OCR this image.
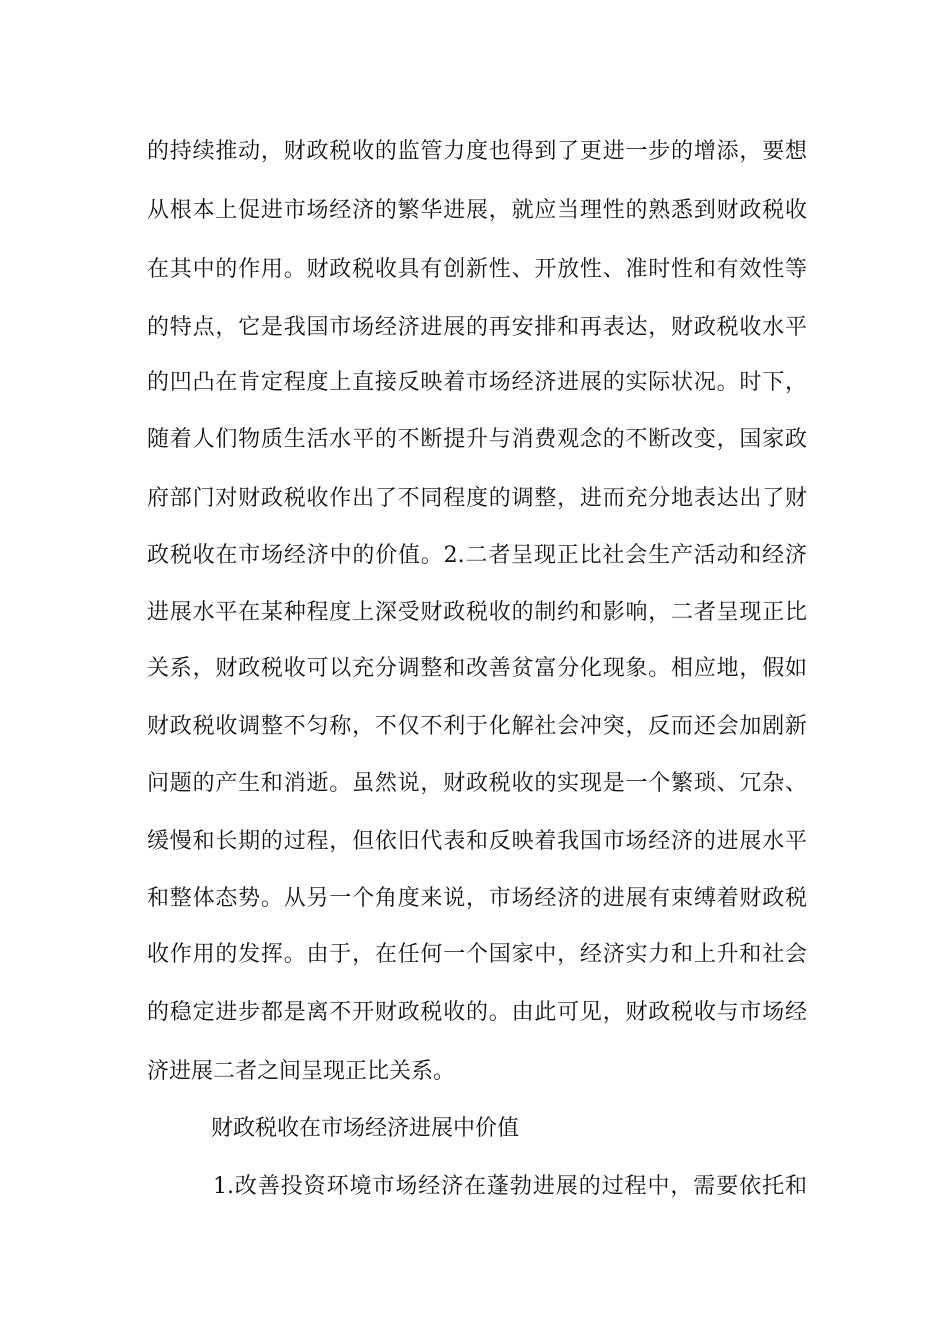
的持续推动，财政税收的监管力度也得到了更进一步的增添，要想

从根本上促进市场经济的繁华进展，就应当理性的熟悉到财政税收

在其中的作用。财政税收具有创新性、开放性、准时性和有效性等

的特点，它是我国市场经济进展的再安排和再表达，财政税收水平

的凹凸在肯定程度上直接反映着市场经济进展的实际状况。时下，

随着人们物质生活水平的不断提升与消费观念的不断改变，国家政

府部门对财政税收作出了不同程度的调整，进而充分地表达出了财

政税收在市场经济中的价值。2.二者呈现正比社会生产活动和经济

进展水平在某种程度上深受财政税收的制约和影响，二者呈现正比

关系，财政税收可以充分调整和改善贫富分化现象。相应地，假如

财政税收调整不匀称，不仅不利于化解社会冲突，反而还会加剧新

问题的产生和消逝。虽然说，财政税收的实现是一个繁琐、冗杂、

缓慢和长期的过程，但依旧代表和反映着我国市场经济的进展水平

和整体态势。从另一个角度来说，市场经济的进展有束缚着财政税

收作用的发挥。由于，在任何一个国家中，经济实力和上升和社会

的稳定进步都是离不开财政税收的。由此可见，财政税收与市场经

济进展二者之间呈现正比关系。

财政税收在市场经济进展中价值

1.改善投资环境市场经济在蓬勃进展的过程中，需要依托和
